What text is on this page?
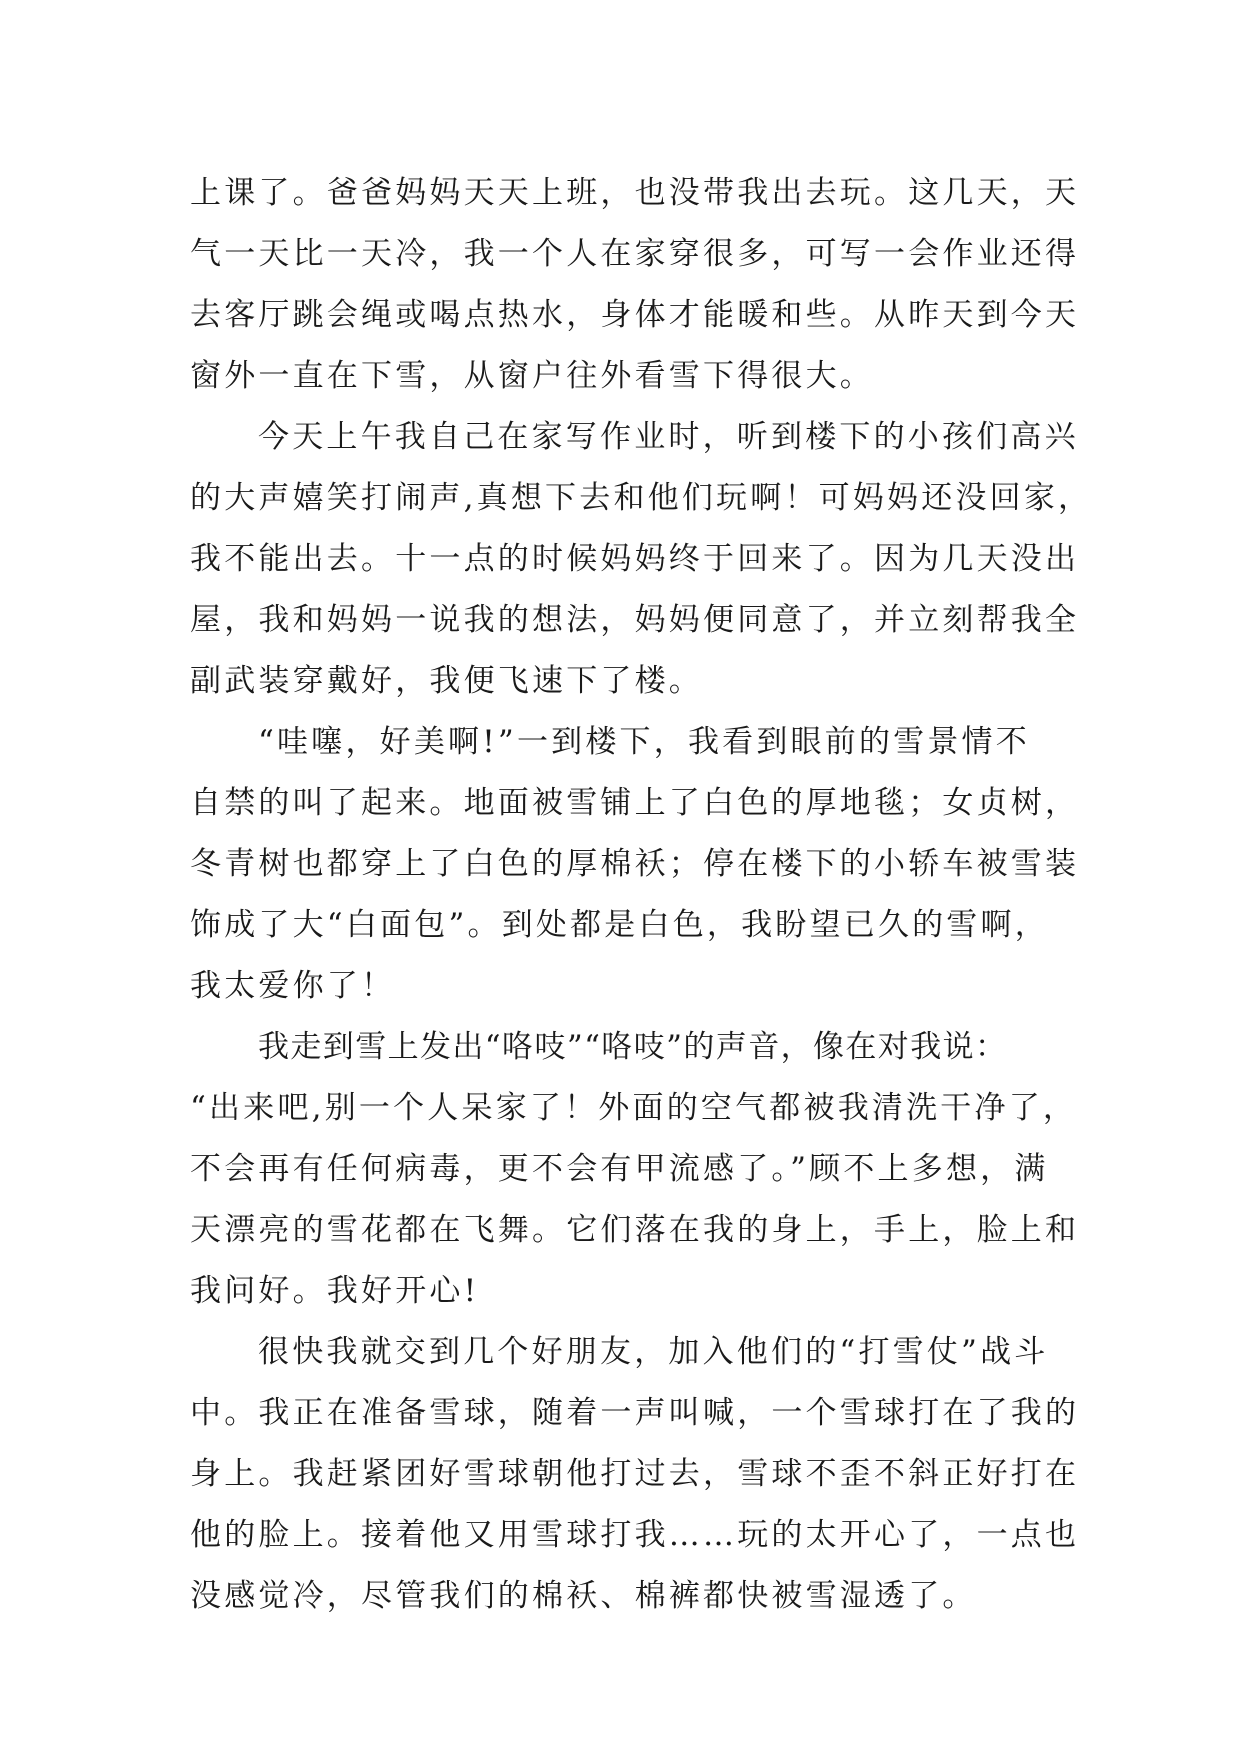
上课了。爸爸妈妈天天上班，也没带我出去玩。这几天，天
气一天比一天冷，我一个人在家穿很多，可写一会作业还得
去客厅跳会绳或喝点热水，身体才能暖和些。从昨天到今天
窗外一直在下雪，从窗户往外看雪下得很大。
今天上午我自己在家写作业时，听到楼下的小孩们高兴
的大声嬉笑打闹声,真想下去和他们玩啊！可妈妈还没回家，
我不能出去。十一点的时候妈妈终于回来了。因为几天没出
屋，我和妈妈一说我的想法，妈妈便同意了，并立刻帮我全
副武装穿戴好，我便飞速下了楼。
“哇噻，好美啊!”一到楼下，我看到眼前的雪景情不
自禁的叫了起来。地面被雪铺上了白色的厚地毯；女贞树，
冬青树也都穿上了白色的厚棉袄；停在楼下的小轿车被雪装
饰成了大“白面包”。到处都是白色，我盼望已久的雪啊，
我太爱你了！
我走到雪上发出“咯吱”“咯吱”的声音，像在对我说：
“出来吧,别一个人呆家了！外面的空气都被我清洗干净了，
不会再有任何病毒，更不会有甲流感了。”顾不上多想，满
天漂亮的雪花都在飞舞。它们落在我的身上，手上，脸上和
我问好。我好开心!
很快我就交到几个好朋友，加入他们的“打雪仗”战斗
中。我正在准备雪球，随着一声叫喊，一个雪球打在了我的
身上。我赶紧团好雪球朝他打过去，雪球不歪不斜正好打在
他的脸上。接着他又用雪球打我……玩的太开心了，一点也
没感觉冷，尽管我们的棉袄、棉裤都快被雪湿透了。
